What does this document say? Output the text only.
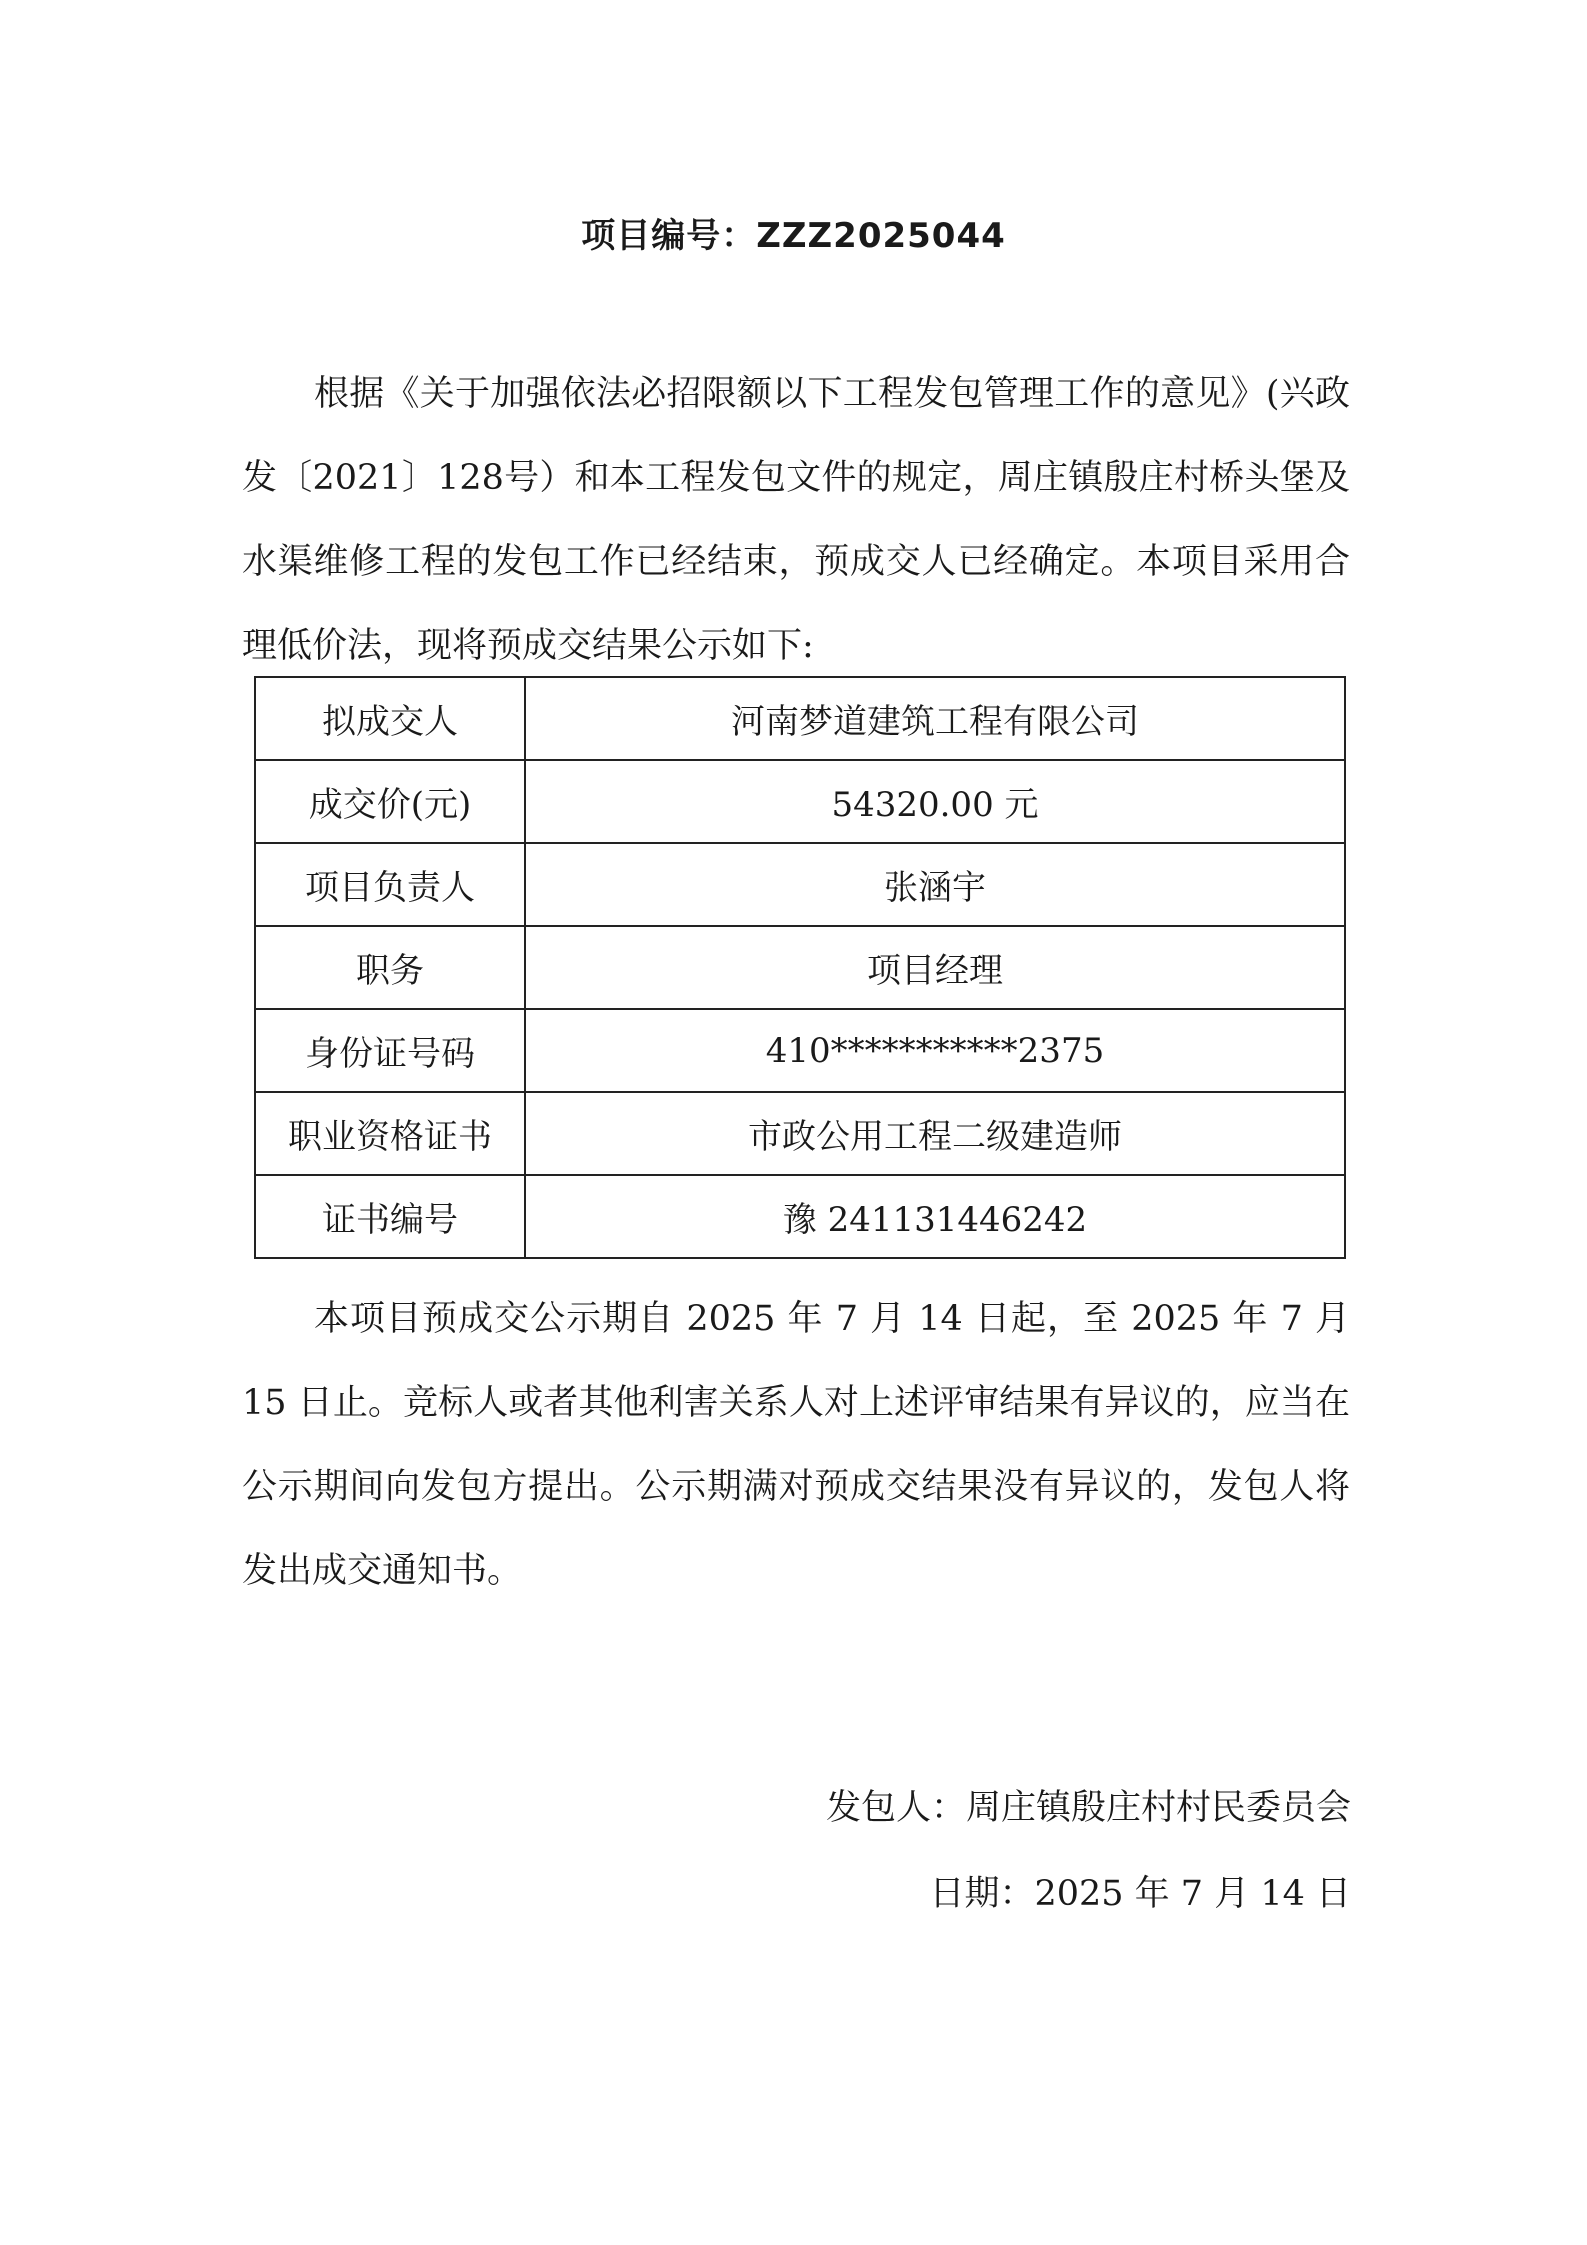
项目编号：ZZZ2025044

根据《关于加强依法必招限额以下工程发包管理工作的意见》(兴政发〔2021〕128号）和本工程发包文件的规定，周庄镇殷庄村桥头堡及水渠维修工程的发包工作已经结束，预成交人已经确定。本项目采用合理低价法，现将预成交结果公示如下:

拟成交人	河南梦道建筑工程有限公司
成交价(元)	54320.00 元
项目负责人	张涵宇
职务	项目经理
身份证号码	410***********2375
职业资格证书	市政公用工程二级建造师
证书编号	豫 241131446242

本项目预成交公示期自 2025 年 7 月 14 日起，至 2025 年 7 月 15 日止。竞标人或者其他利害关系人对上述评审结果有异议的，应当在公示期间向发包方提出。公示期满对预成交结果没有异议的，发包人将发出成交通知书。

发包人：周庄镇殷庄村村民委员会
日期：2025 年 7 月 14 日
